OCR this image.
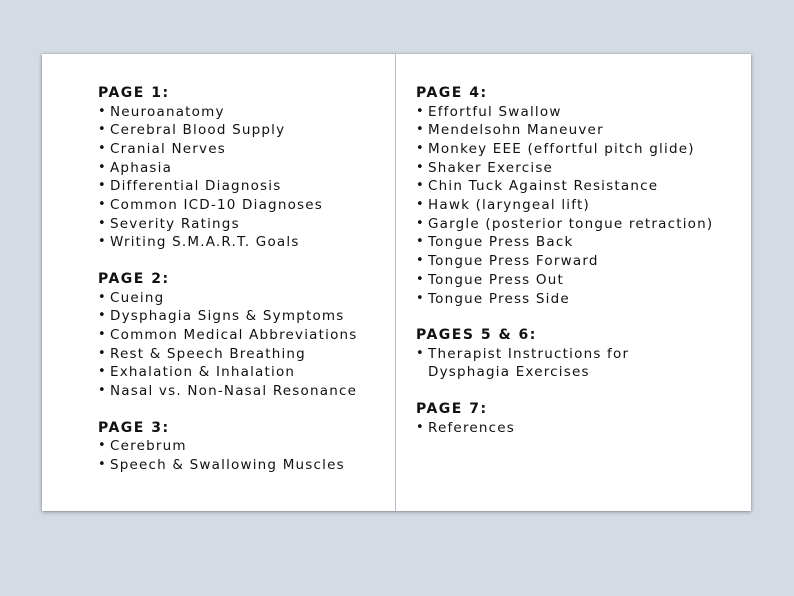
PAGE 1:
• Neuroanatomy
• Cerebral Blood Supply
• Cranial Nerves
• Aphasia
• Differential Diagnosis
• Common ICD-10 Diagnoses
• Severity Ratings
• Writing S.M.A.R.T. Goals
PAGE 2:
• Cueing
• Dysphagia Signs & Symptoms
• Common Medical Abbreviations
• Rest & Speech Breathing
• Exhalation & Inhalation
• Nasal vs. Non-Nasal Resonance
PAGE 3:
• Cerebrum
• Speech & Swallowing Muscles
PAGE 4:
• Effortful Swallow
• Mendelsohn Maneuver
• Monkey EEE (effortful pitch glide)
• Shaker Exercise
• Chin Tuck Against Resistance
• Hawk (laryngeal lift)
• Gargle (posterior tongue retraction)
• Tongue Press Back
• Tongue Press Forward
• Tongue Press Out
• Tongue Press Side
PAGES 5 & 6:
• Therapist Instructions for
Dysphagia Exercises
PAGE 7:
• References
